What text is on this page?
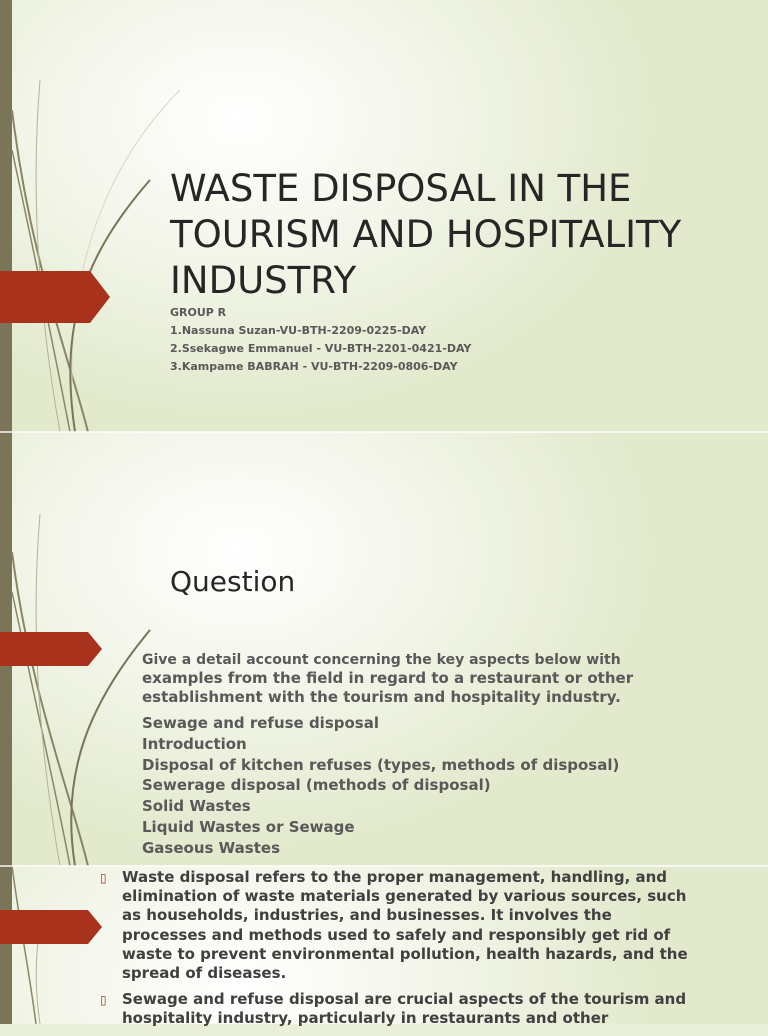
WASTE DISPOSAL IN THE TOURISM AND HOSPITALITY INDUSTRY
GROUP R
1.Nassuna Suzan-VU-BTH-2209-0225-DAY
2.Ssekagwe Emmanuel - VU-BTH-2201-0421-DAY
3.Kampame BABRAH - VU-BTH-2209-0806-DAY
Question
Give a detail account concerning the key aspects below with
examples from the field in regard to a restaurant or other establishment with the tourism and hospitality industry.
Sewage and refuse disposal
Introduction
Disposal of kitchen refuses (types, methods of disposal)
Sewerage disposal (methods of disposal)
Solid Wastes
Liquid Wastes or Sewage
Gaseous Wastes
▯ Waste disposal refers to the proper management, handling, and elimination of waste materials generated by various sources, such as households, industries, and businesses. It involves the processes and methods used to safely and responsibly get rid of waste to prevent environmental pollution, health hazards, and the spread of diseases.
▯ Sewage and refuse disposal are crucial aspects of the tourism and hospitality industry, particularly in restaurants and other
